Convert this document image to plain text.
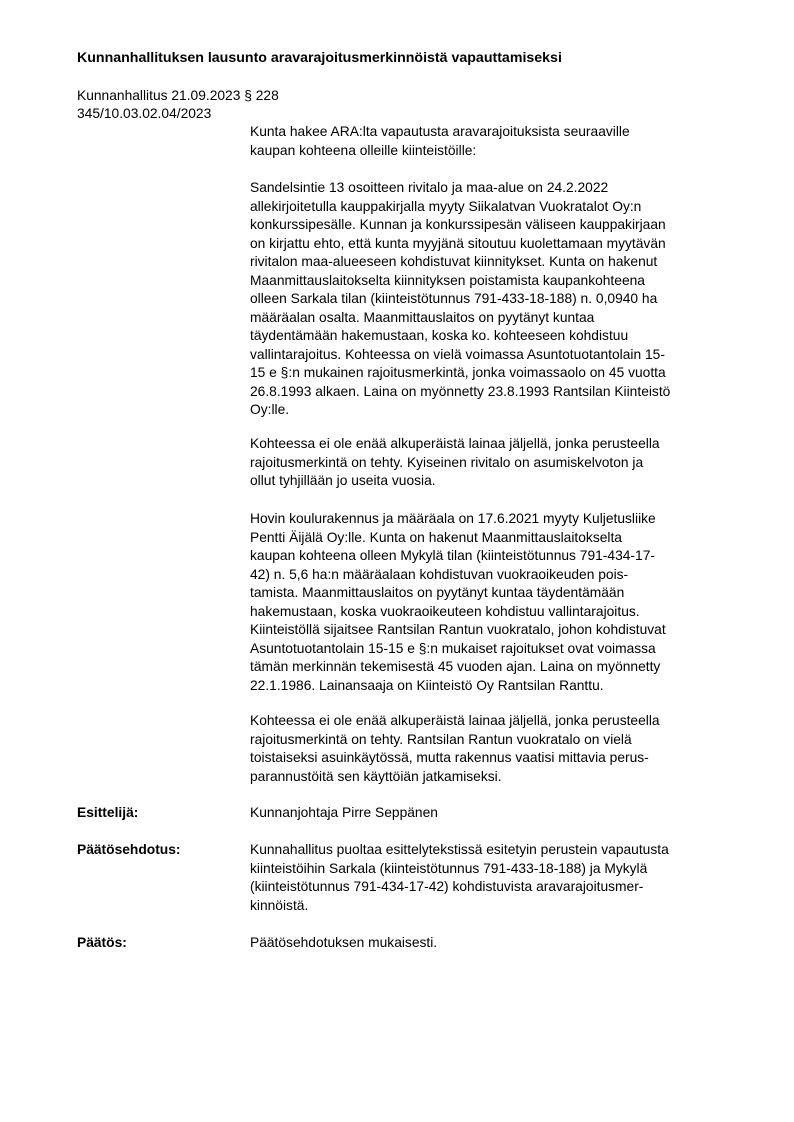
Kunnanhallituksen lausunto aravarajoitusmerkinnöistä vapauttamiseksi
Kunnanhallitus 21.09.2023 § 228
345/10.03.02.04/2023
Kunta hakee ARA:lta vapautusta aravarajoituksista seuraaville
kaupan kohteena olleille kiinteistöille:
Sandelsintie 13 osoitteen rivitalo ja maa-alue on 24.2.2022
allekirjoitetulla kauppakirjalla myyty Siikalatvan Vuokratalot Oy:n
konkurssipesälle. Kunnan ja konkurssipesän väliseen kauppakirjaan
on kirjattu ehto, että kunta myyjänä sitoutuu kuolettamaan myytävän
rivitalon maa-alueeseen kohdistuvat kiinnitykset. Kunta on hakenut
Maanmittauslaitokselta kiinnityksen poistamista kaupankohteena
olleen Sarkala tilan (kiinteistötunnus 791-433-18-188) n. 0,0940 ha
määräalan osalta. Maanmittauslaitos on pyytänyt kuntaa
täydentämään hakemustaan, koska ko. kohteeseen kohdistuu
vallintarajoitus. Kohteessa on vielä voimassa Asuntotuotantolain 15-
15 e §:n mukainen rajoitusmerkintä, jonka voimassaolo on 45 vuotta
26.8.1993 alkaen. Laina on myönnetty 23.8.1993 Rantsilan Kiinteistö
Oy:lle.
Kohteessa ei ole enää alkuperäistä lainaa jäljellä, jonka perusteella
rajoitusmerkintä on tehty. Kyiseinen rivitalo on asumiskelvoton ja
ollut tyhjillään jo useita vuosia.
Hovin koulurakennus ja määräala on 17.6.2021 myyty Kuljetusliike
Pentti Äijälä Oy:lle. Kunta on hakenut Maanmittauslaitokselta
kaupan kohteena olleen Mykylä tilan (kiinteistötunnus 791-434-17-
42) n. 5,6 ha:n määräalaan kohdistuvan vuokraoikeuden pois-
tamista. Maanmittauslaitos on pyytänyt kuntaa täydentämään
hakemustaan, koska vuokraoikeuteen kohdistuu vallintarajoitus.
Kiinteistöllä sijaitsee Rantsilan Rantun vuokratalo, johon kohdistuvat
Asuntotuotantolain 15-15 e §:n mukaiset rajoitukset ovat voimassa
tämän merkinnän tekemisestä 45 vuoden ajan. Laina on myönnetty
22.1.1986. Lainansaaja on Kiinteistö Oy Rantsilan Ranttu.
Kohteessa ei ole enää alkuperäistä lainaa jäljellä, jonka perusteella
rajoitusmerkintä on tehty. Rantsilan Rantun vuokratalo on vielä
toistaiseksi asuinkäytössä, mutta rakennus vaatisi mittavia perus-
parannustöitä sen käyttöiän jatkamiseksi.
Esittelijä:	Kunnanjohtaja Pirre Seppänen
Päätösehdotus:	Kunnahallitus puoltaa esittelytekstissä esitetyin perustein vapautusta
kiinteistöihin Sarkala (kiinteistötunnus 791-433-18-188) ja Mykylä
(kiinteistötunnus 791-434-17-42) kohdistuvista aravarajoitusmer-
kinnöistä.
Päätös:	Päätösehdotuksen mukaisesti.
